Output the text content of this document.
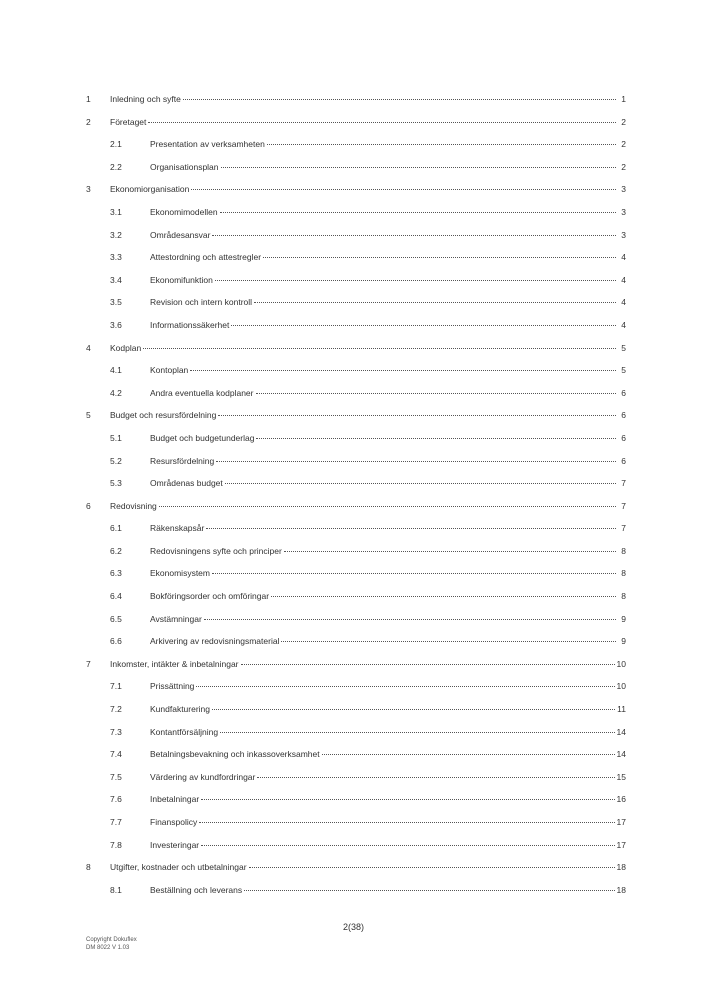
1	Inledning och syfte	1
2	Företaget	2
2.1	Presentation av verksamheten	2
2.2	Organisationsplan	2
3	Ekonomiorganisation	3
3.1	Ekonomimodellen	3
3.2	Områdesansvar	3
3.3	Attestordning och attestregler	4
3.4	Ekonomifunktion	4
3.5	Revision och intern kontroll	4
3.6	Informationssäkerhet	4
4	Kodplan	5
4.1	Kontoplan	5
4.2	Andra eventuella kodplaner	6
5	Budget och resursfördelning	6
5.1	Budget och budgetunderlag	6
5.2	Resursfördelning	6
5.3	Områdenas budget	7
6	Redovisning	7
6.1	Räkenskapsår	7
6.2	Redovisningens syfte och principer	8
6.3	Ekonomisystem	8
6.4	Bokföringsorder och omföringar	8
6.5	Avstämningar	9
6.6	Arkivering av redovisningsmaterial	9
7	Inkomster, intäkter & inbetalningar	10
7.1	Prissättning	10
7.2	Kundfakturering	11
7.3	Kontantförsäljning	14
7.4	Betalningsbevakning och inkassoverksamhet	14
7.5	Värdering av kundfordringar	15
7.6	Inbetalningar	16
7.7	Finanspolicy	17
7.8	Investeringar	17
8	Utgifter, kostnader och utbetalningar	18
8.1	Beställning och leverans	18
2(38)
Copyright Dokuflex
DM 8022 V 1.03
